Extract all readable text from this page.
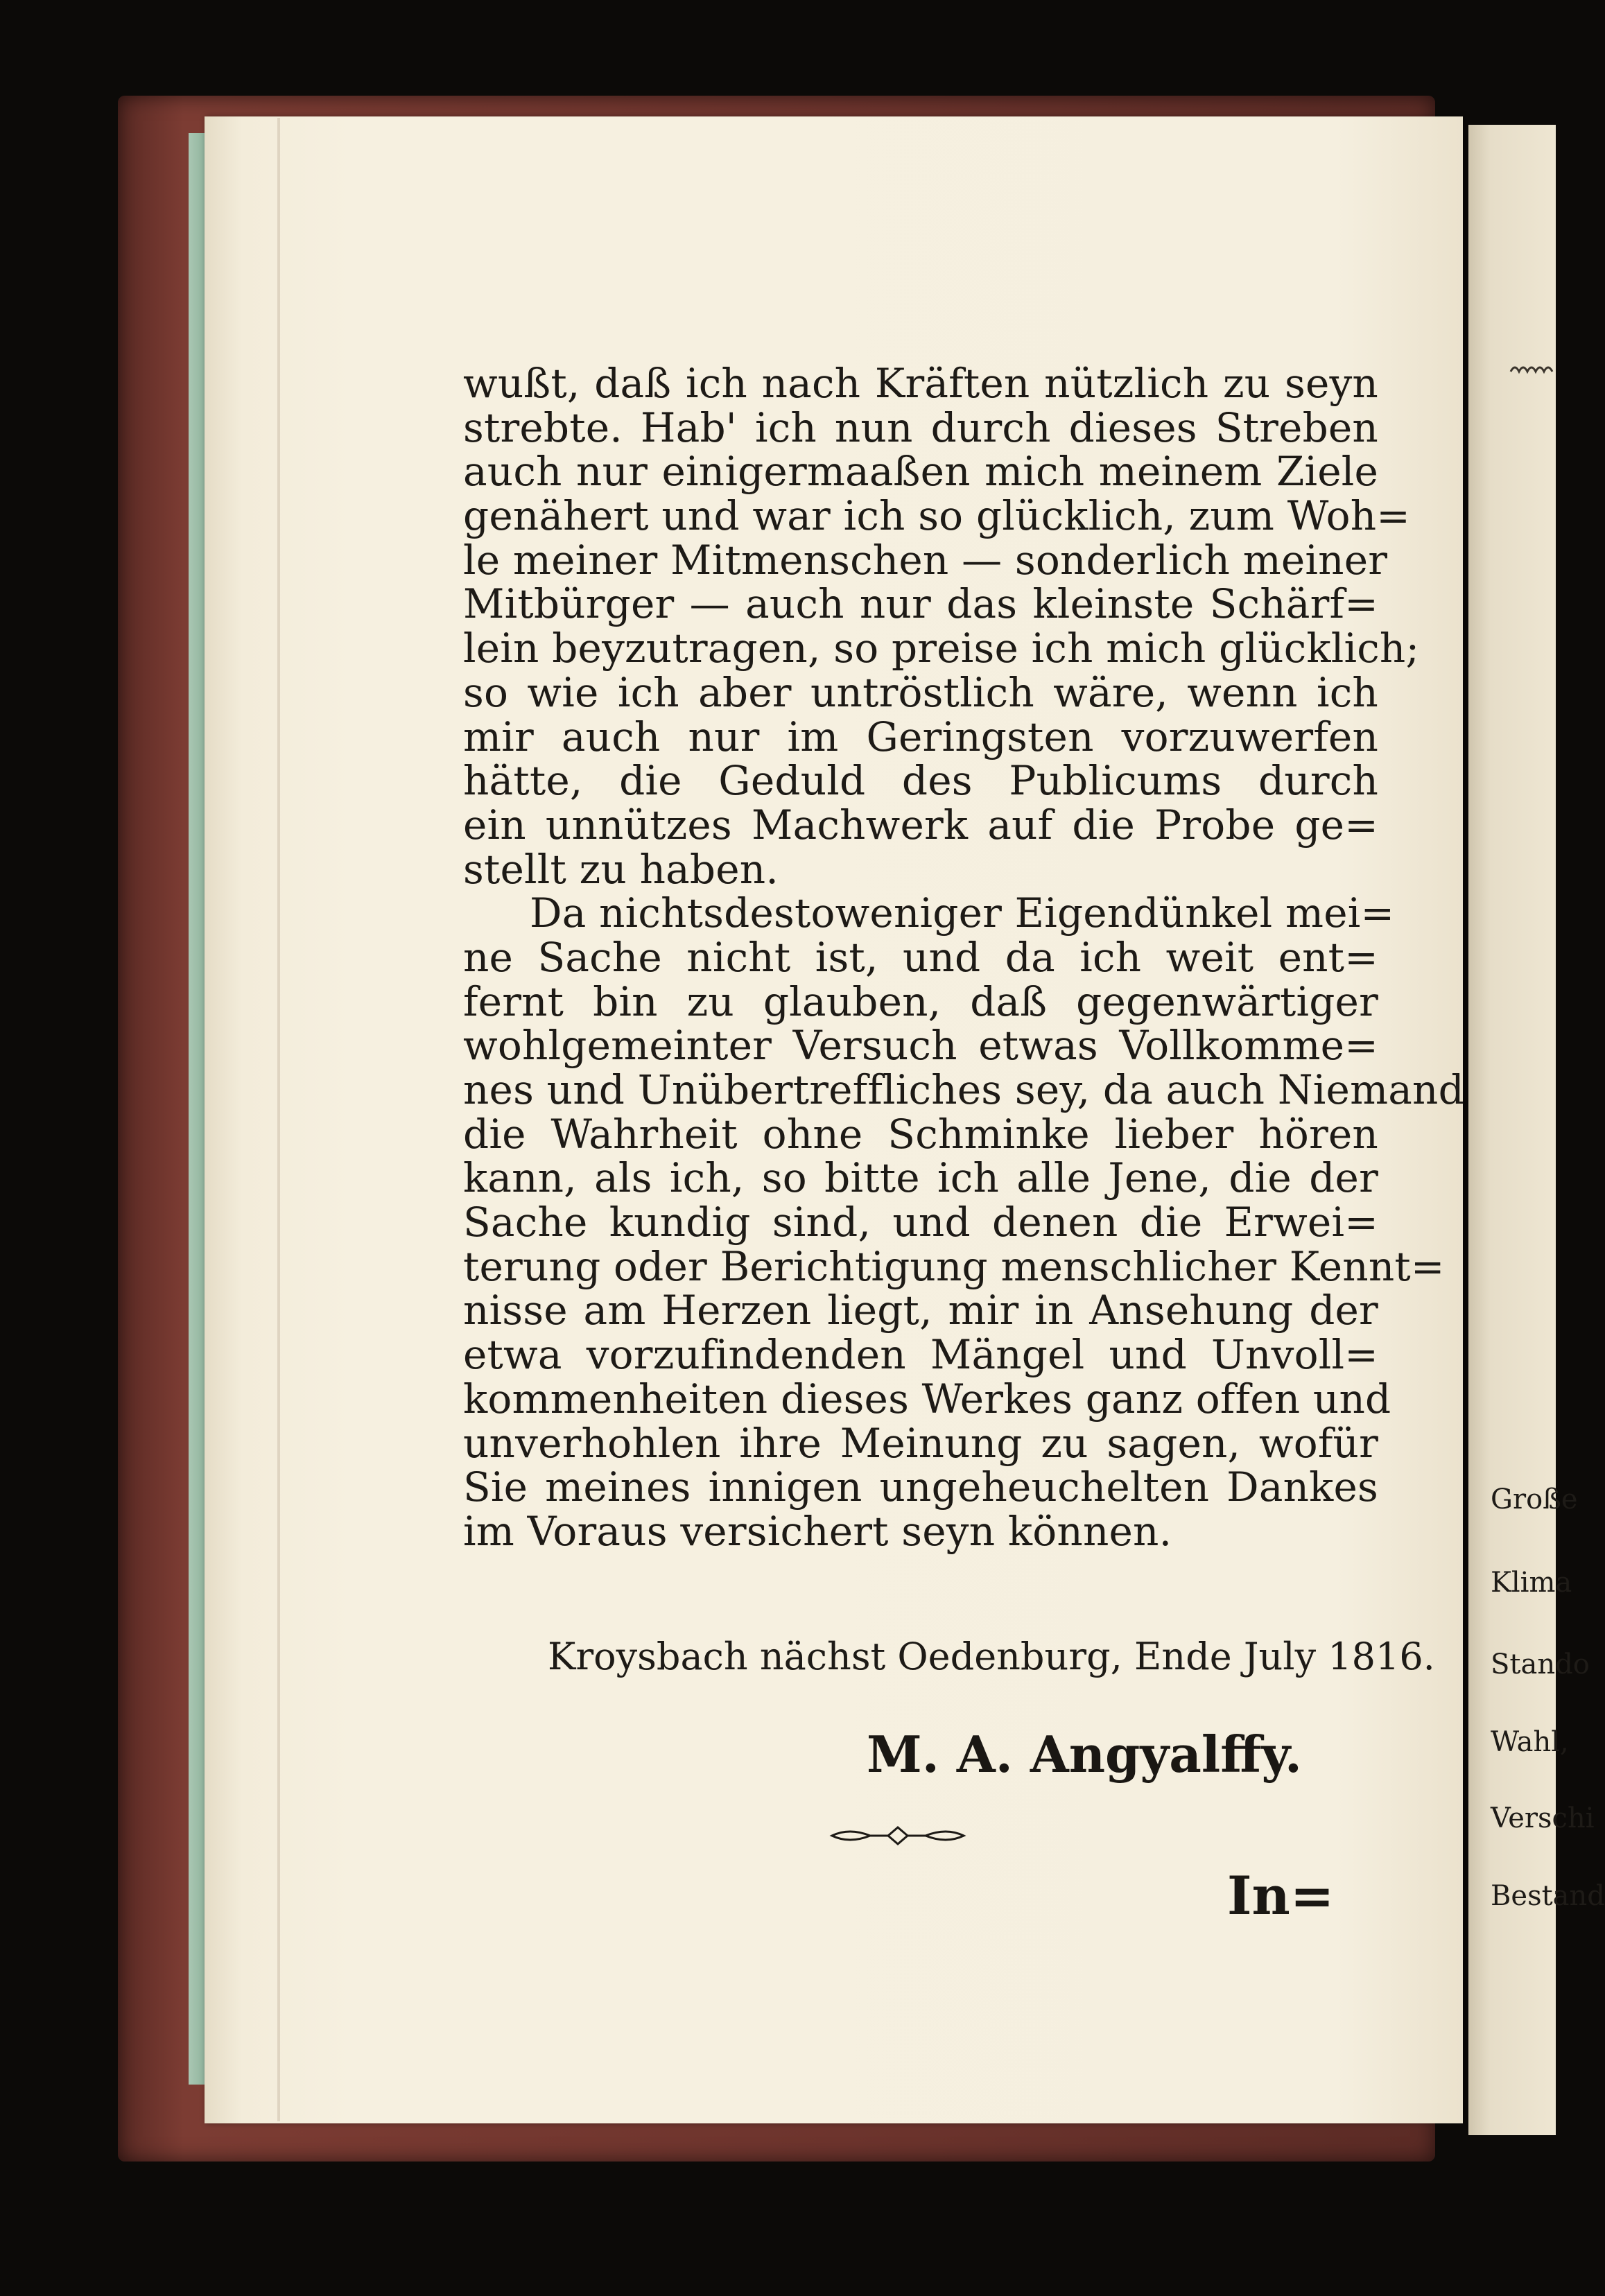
wußt, daß ich nach Kräften nützlich zu seyn
strebte. Hab' ich nun durch dieses Streben
auch nur einigermaaßen mich meinem Ziele
genähert und war ich so glücklich, zum Woh=
le meiner Mitmenschen — sonderlich meiner
Mitbürger — auch nur das kleinste Schärf=
lein beyzutragen, so preise ich mich glücklich;
so wie ich aber untröstlich wäre, wenn ich
mir auch nur im Geringsten vorzuwerfen
hätte, die Geduld des Publicums durch
ein unnützes Machwerk auf die Probe ge=
stellt zu haben.
Da nichtsdestoweniger Eigendünkel mei=
ne Sache nicht ist, und da ich weit ent=
fernt bin zu glauben, daß gegenwärtiger
wohlgemeinter Versuch etwas Vollkomme=
nes und Unübertreffliches sey, da auch Niemand
die Wahrheit ohne Schminke lieber hören
kann, als ich, so bitte ich alle Jene, die der
Sache kundig sind, und denen die Erwei=
terung oder Berichtigung menschlicher Kennt=
nisse am Herzen liegt, mir in Ansehung der
etwa vorzufindenden Mängel und Unvoll=
kommenheiten dieses Werkes ganz offen und
unverhohlen ihre Meinung zu sagen, wofür
Sie meines innigen ungeheuchelten Dankes
im Voraus versichert seyn können.
Kroysbach nächst Oedenburg, Ende July 1816.
M. A. Angyalffy.
In=
Große
Klima
Stando
Wahl,
Verschi
Bestand
